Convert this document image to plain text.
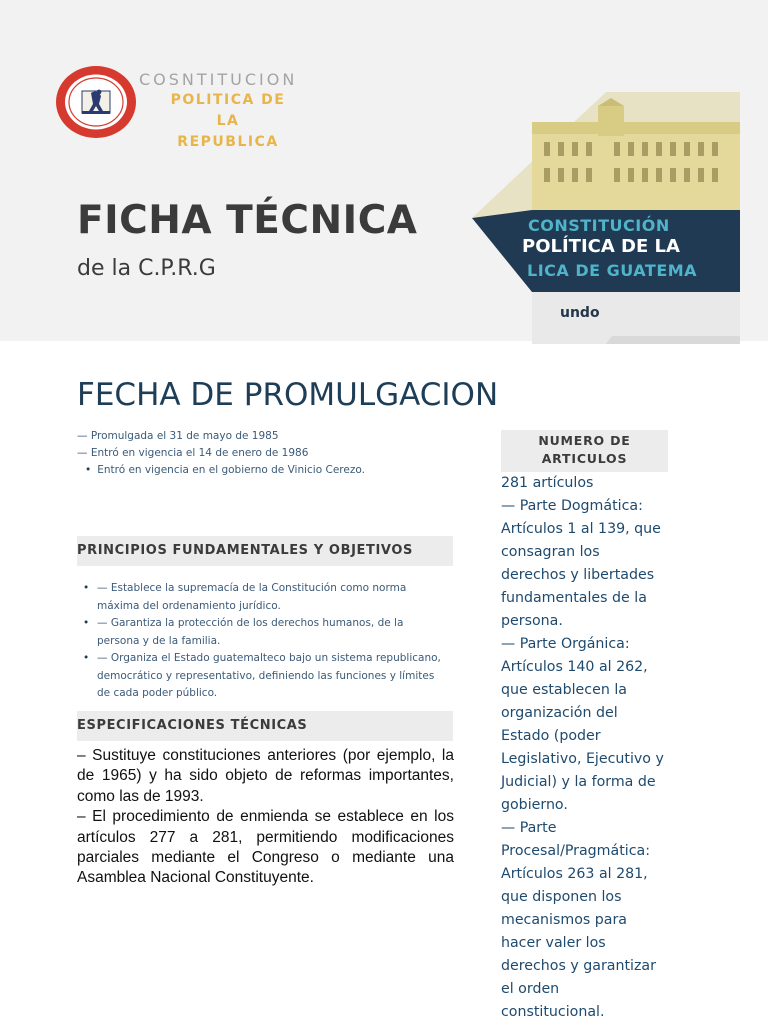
COSNTITUCION
POLITICA DE
LA
REPUBLICA
FICHA TÉCNICA
de la C.P.R.G
CONSTITUCIÓN
POLÍTICA DE LA
LICA DE GUATEMA
undo
FECHA DE PROMULGACION
— Promulgada el 31 de mayo de 1985
— Entró en vigencia el 14 de enero de 1986
• Entró en vigencia en el gobierno de Vinicio Cerezo.
PRINCIPIOS FUNDAMENTALES Y OBJETIVOS
• — Establece la supremacía de la Constitución como norma máxima del ordenamiento jurídico.
• — Garantiza la protección de los derechos humanos, de la persona y de la familia.
• — Organiza el Estado guatemalteco bajo un sistema republicano, democrático y representativo, definiendo las funciones y límites de cada poder público.
ESPECIFICACIONES TÉCNICAS

– Sustituye constituciones anteriores (por ejemplo, la de 1965) y ha sido objeto de reformas importantes, como las de 1993.

– El procedimiento de enmienda se establece en los artículos 277 a 281, permitiendo modificaciones parciales mediante el Congreso o mediante una Asamblea Nacional Constituyente.

NUMERO DE
ARTICULOS
281 artículos
— Parte Dogmática:
Artículos 1 al 139, que
consagran los
derechos y libertades
fundamentales de la
persona.
— Parte Orgánica:
Artículos 140 al 262,
que establecen la
organización del
Estado (poder
Legislativo, Ejecutivo y
Judicial) y la forma de
gobierno.
— Parte
Procesal/Pragmática:
Artículos 263 al 281,
que disponen los
mecanismos para
hacer valer los
derechos y garantizar
el orden
constitucional.
